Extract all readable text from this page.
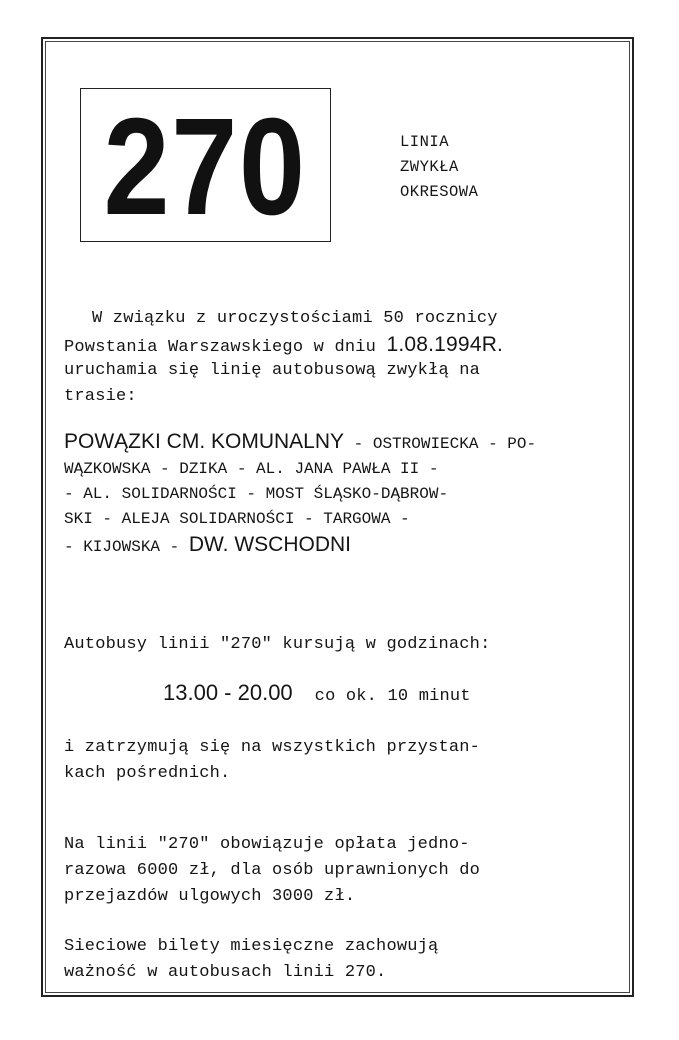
270	LINIA
ZWYKŁA
OKRESOWA
W związku z uroczystościami 50 rocznicy
Powstania Warszawskiego w dniu 1.08.1994R.
uruchamia się linię autobusową zwykłą na
trasie:
POWĄZKI CM. KOMUNALNY - OSTROWIECKA - PO-
WĄZKOWSKA - DZIKA - AL. JANA PAWŁA II -
- AL. SOLIDARNOŚCI - MOST ŚLĄSKO-DĄBROW-
SKI - ALEJA SOLIDARNOŚCI - TARGOWA -
- KIJOWSKA - DW. WSCHODNI
Autobusy linii "270" kursują w godzinach:
13.00 - 20.00 co ok. 10 minut
i zatrzymują się na wszystkich przystan-
kach pośrednich.
Na linii "270" obowiązuje opłata jedno-
razowa 6000 zł, dla osób uprawnionych do
przejazdów ulgowych 3000 zł.
Sieciowe bilety miesięczne zachowują
ważność w autobusach linii 270.
